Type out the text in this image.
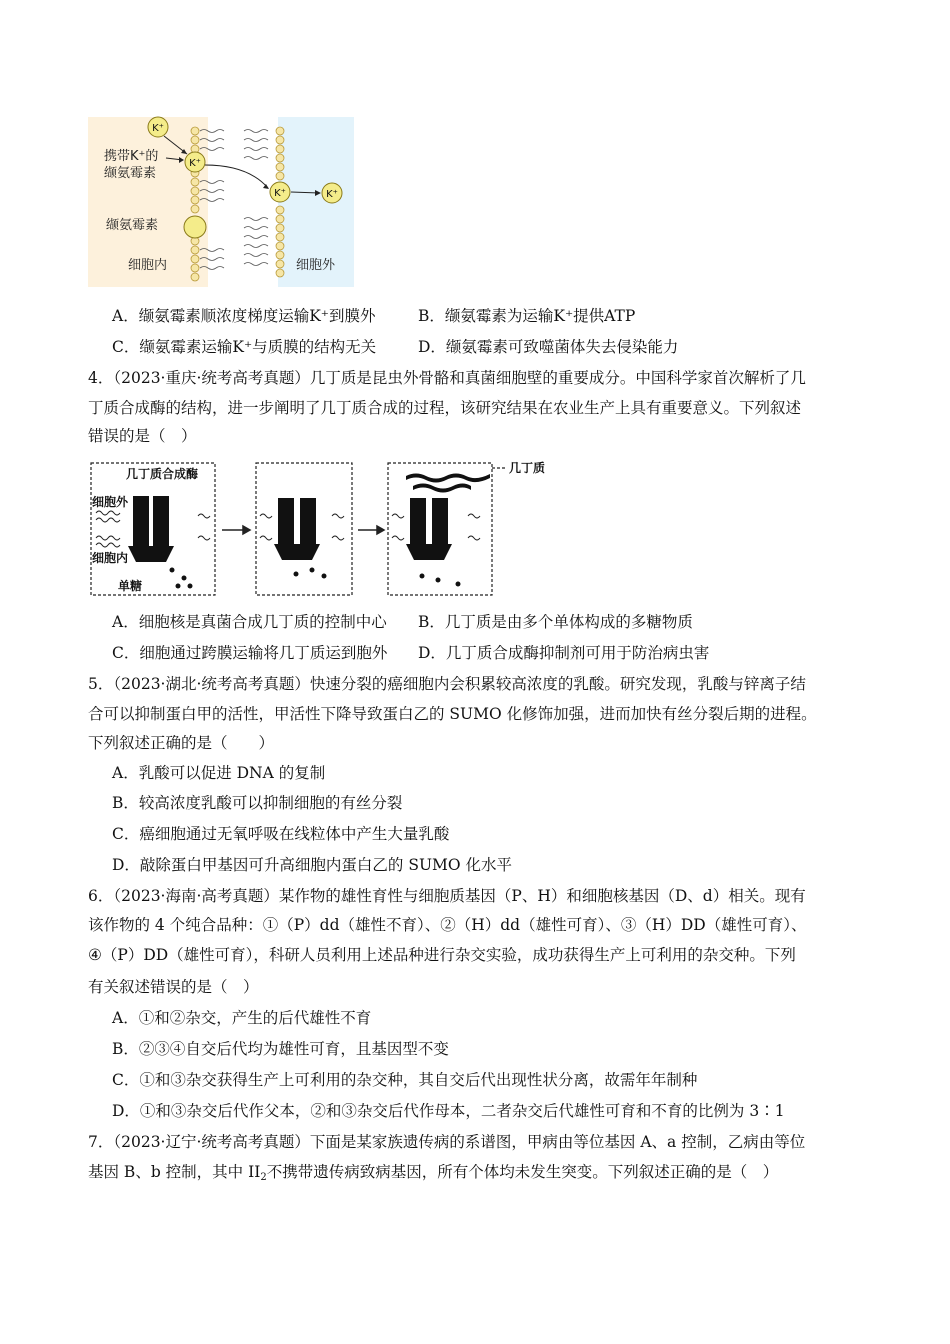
K⁺
K⁺
K⁺	K⁺
携带K⁺的
缬氨霉素
缬氨霉素
细胞内	细胞外
A．缬氨霉素顺浓度梯度运输K⁺到膜外	B．缬氨霉素为运输K⁺提供ATP
C．缬氨霉素运输K⁺与质膜的结构无关	D．缬氨霉素可致噬菌体失去侵染能力
4．（2023·重庆·统考高考真题）几丁质是昆虫外骨骼和真菌细胞壁的重要成分。中国科学家首次解析了几
丁质合成酶的结构，进一步阐明了几丁质合成的过程，该研究结果在农业生产上具有重要意义。下列叙述
错误的是（　）
几丁质合成酶
细胞外
细胞内
单糖
几丁质
A．细胞核是真菌合成几丁质的控制中心 B．几丁质是由多个单体构成的多糖物质
C．细胞通过跨膜运输将几丁质运到胞外 D．几丁质合成酶抑制剂可用于防治病虫害
5．（2023·湖北·统考高考真题）快速分裂的癌细胞内会积累较高浓度的乳酸。研究发现，乳酸与锌离子结
合可以抑制蛋白甲的活性，甲活性下降导致蛋白乙的 SUMO 化修饰加强，进而加快有丝分裂后期的进程。
下列叙述正确的是（　　）
A．乳酸可以促进 DNA 的复制
B．较高浓度乳酸可以抑制细胞的有丝分裂
C．癌细胞通过无氧呼吸在线粒体中产生大量乳酸
D．敲除蛋白甲基因可升高细胞内蛋白乙的 SUMO 化水平
6．（2023·海南·高考真题）某作物的雄性育性与细胞质基因（P、H）和细胞核基因（D、d）相关。现有
该作物的 4 个纯合品种：①（P）dd（雄性不育）、②（H）dd（雄性可育）、③（H）DD（雄性可育）、
④（P）DD（雄性可育），科研人员利用上述品种进行杂交实验，成功获得生产上可利用的杂交种。下列
有关叙述错误的是（　）
A．①和②杂交，产生的后代雄性不育
B．②③④自交后代均为雄性可育，且基因型不变
C．①和③杂交获得生产上可利用的杂交种，其自交后代出现性状分离，故需年年制种
D．①和③杂交后代作父本，②和③杂交后代作母本，二者杂交后代雄性可育和不育的比例为 3∶1
7．（2023·辽宁·统考高考真题）下面是某家族遗传病的系谱图，甲病由等位基因 A、a 控制，乙病由等位
基因 B、b 控制，其中 $II_2$不携带遗传病致病基因，所有个体均未发生突变。下列叙述正确的是（　）
